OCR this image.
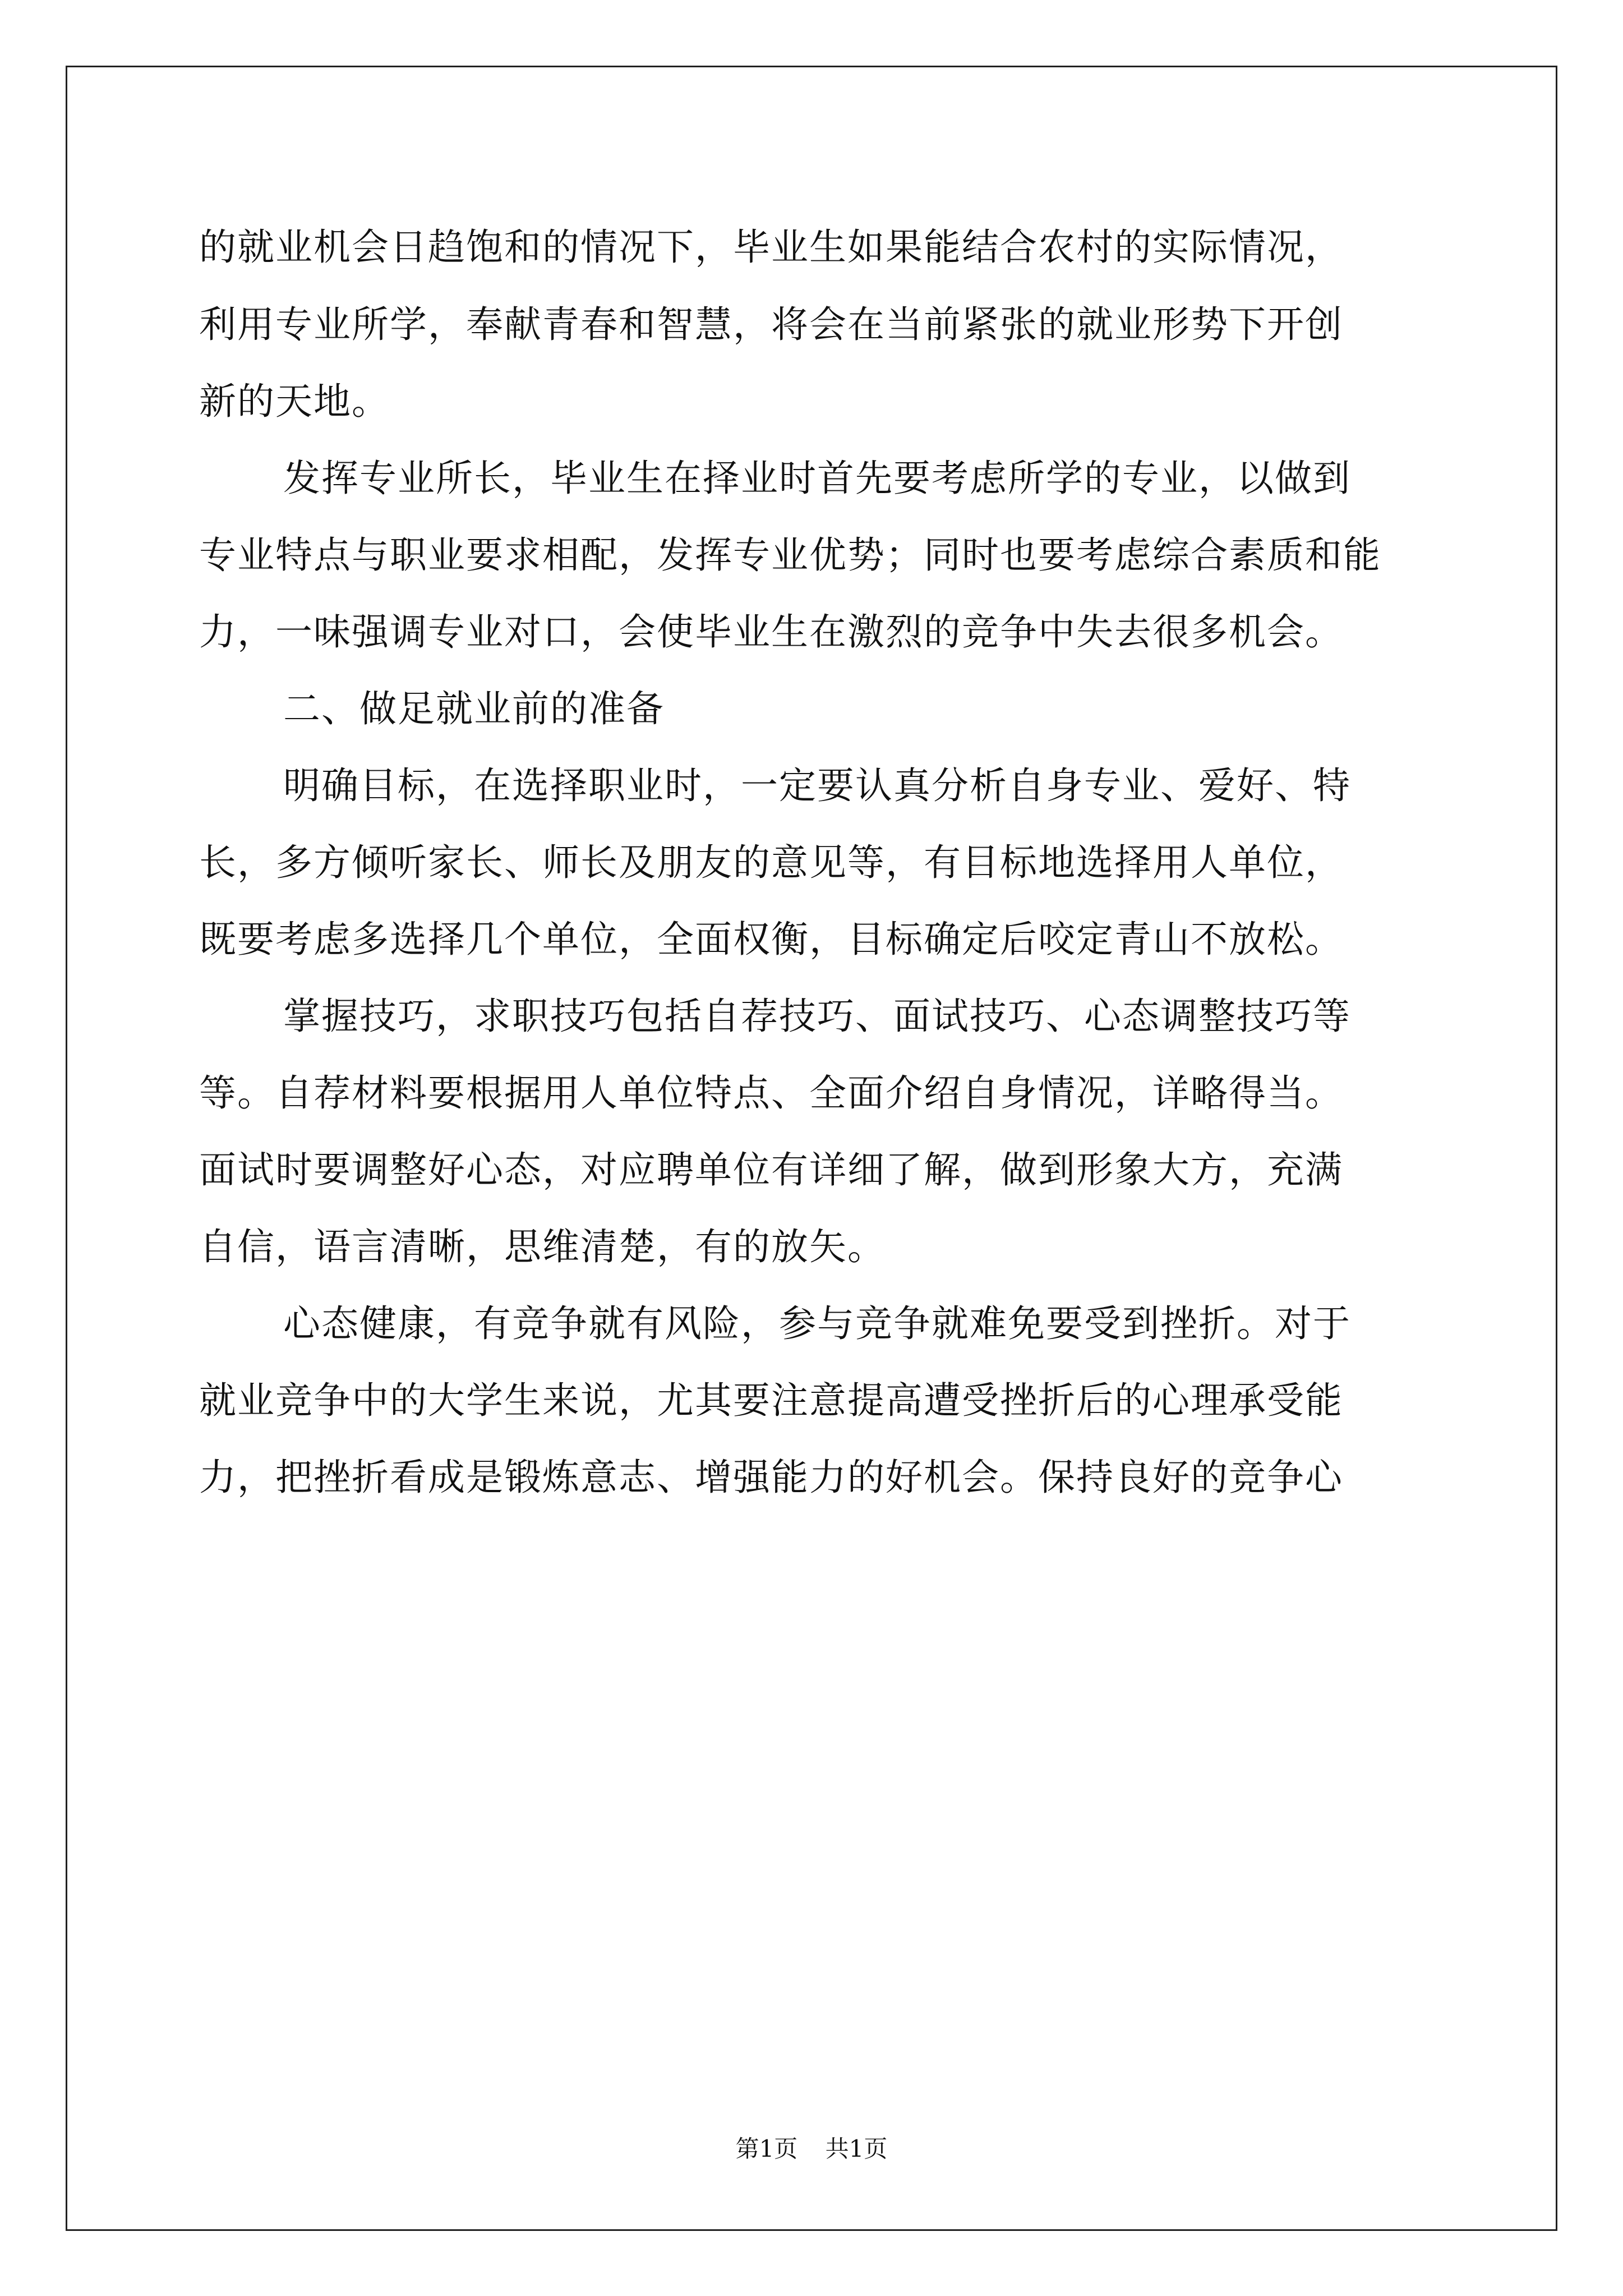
的就业机会日趋饱和的情况下，毕业生如果能结合农村的实际情况，
利用专业所学，奉献青春和智慧，将会在当前紧张的就业形势下开创
新的天地。
发挥专业所长，毕业生在择业时首先要考虑所学的专业，以做到
专业特点与职业要求相配，发挥专业优势；同时也要考虑综合素质和能
力，一味强调专业对口，会使毕业生在激烈的竞争中失去很多机会。
二、做足就业前的准备
明确目标，在选择职业时，一定要认真分析自身专业、爱好、特
长，多方倾听家长、师长及朋友的意见等，有目标地选择用人单位，
既要考虑多选择几个单位，全面权衡，目标确定后咬定青山不放松。
掌握技巧，求职技巧包括自荐技巧、面试技巧、心态调整技巧等
等。自荐材料要根据用人单位特点、全面介绍自身情况，详略得当。
面试时要调整好心态，对应聘单位有详细了解，做到形象大方，充满
自信，语言清晰，思维清楚，有的放矢。
心态健康，有竞争就有风险，参与竞争就难免要受到挫折。对于
就业竞争中的大学生来说，尤其要注意提高遭受挫折后的心理承受能
力，把挫折看成是锻炼意志、增强能力的好机会。保持良好的竞争心
第1页 共1页
